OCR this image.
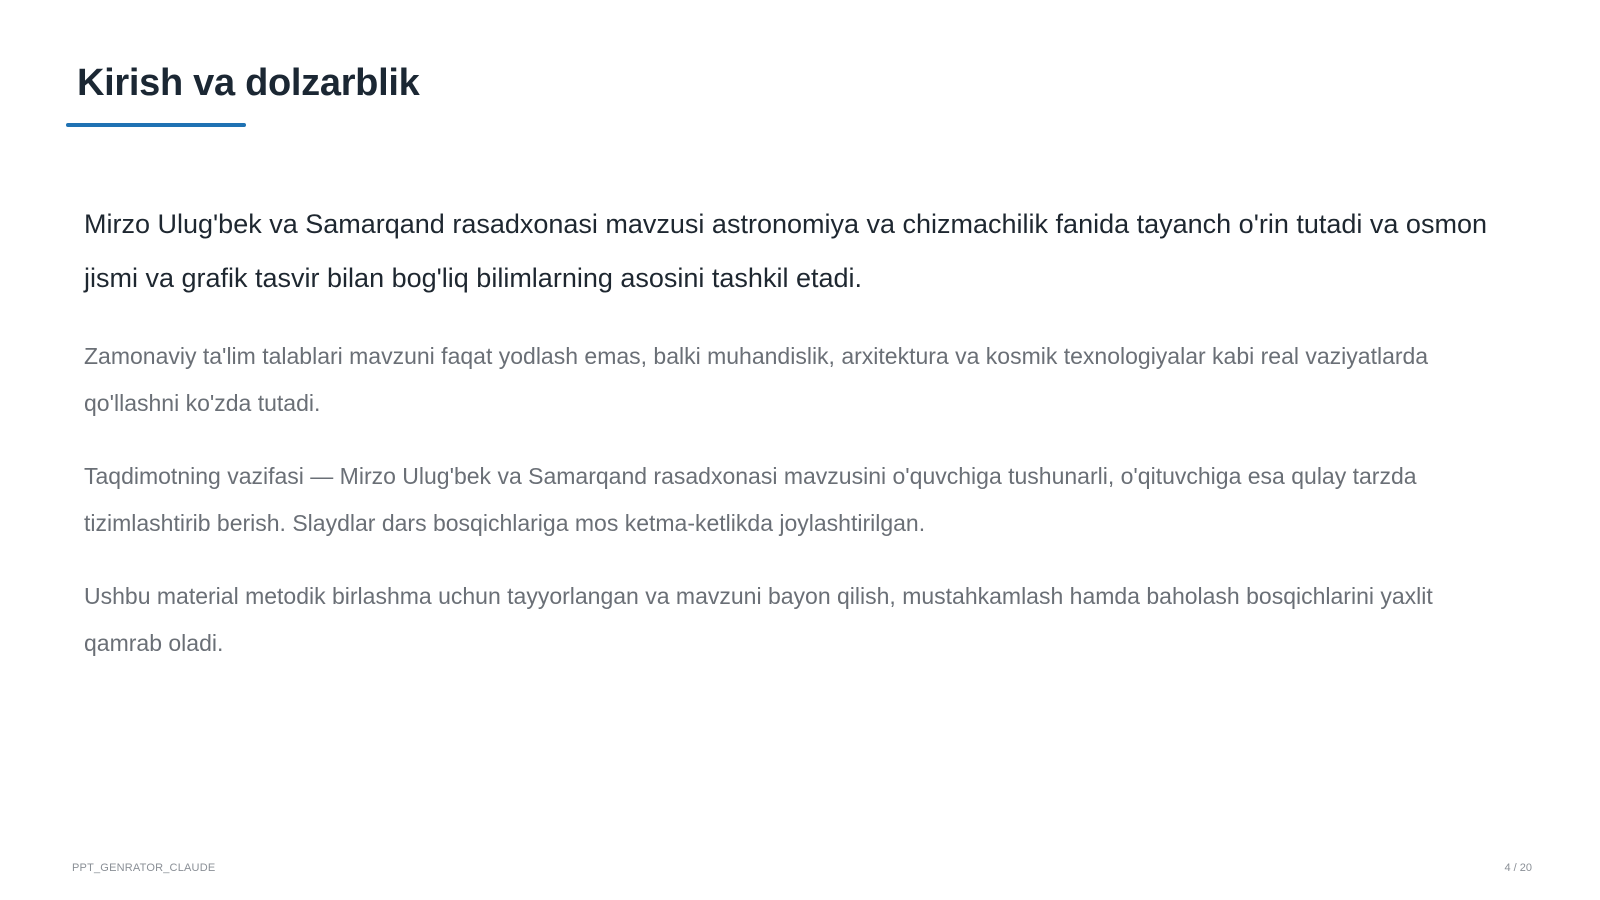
Kirish va dolzarblik

Mirzo Ulug'bek va Samarqand rasadxonasi mavzusi astronomiya va chizmachilik fanida tayanch o'rin tutadi va osmon jismi va grafik tasvir bilan bog'liq bilimlarning asosini tashkil etadi.

Zamonaviy ta'lim talablari mavzuni faqat yodlash emas, balki muhandislik, arxitektura va kosmik texnologiyalar kabi real vaziyatlarda qo'llashni ko'zda tutadi.

Taqdimotning vazifasi — Mirzo Ulug'bek va Samarqand rasadxonasi mavzusini o'quvchiga tushunarli, o'qituvchiga esa qulay tarzda tizimlashtirib berish. Slaydlar dars bosqichlariga mos ketma-ketlikda joylashtirilgan.

Ushbu material metodik birlashma uchun tayyorlangan va mavzuni bayon qilish, mustahkamlash hamda baholash bosqichlarini yaxlit qamrab oladi.

PPT_GENRATOR_CLAUDE	4 / 20
